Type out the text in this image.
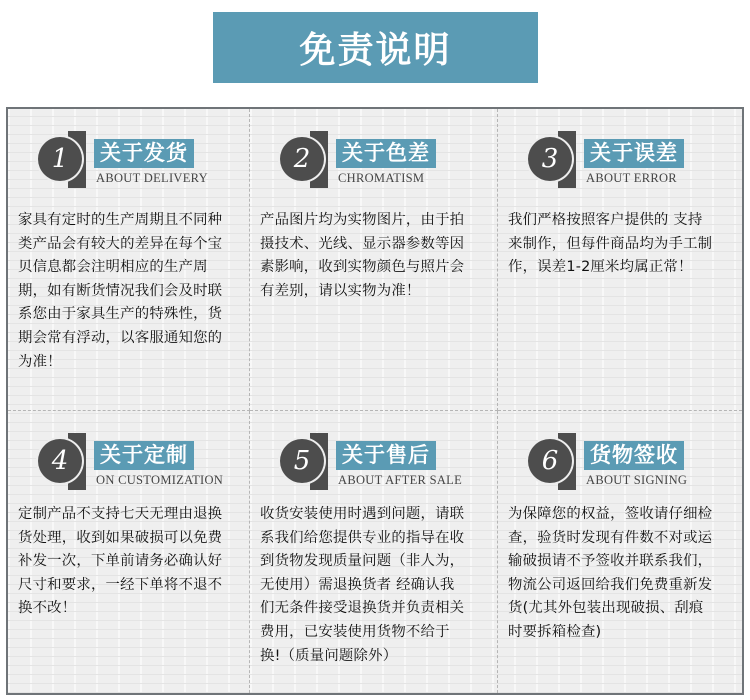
免责说明
1	关于发货
ABOUT DELIVERY
家具有定时的生产周期且不同种类产品会有较大的差异在每个宝贝信息都会注明相应的生产周期，如有断货情况我们会及时联系您由于家具生产的特殊性，货期会常有浮动，以客服通知您的为准！
2	关于色差
CHROMATISM
产品图片均为实物图片，由于拍摄技术、光线、显示器参数等因素影响，收到实物颜色与照片会有差别，请以实物为准！
3	关于误差
ABOUT ERROR
我们严格按照客户提供的 支持来制作，但每件商品均为手工制作，误差1-2厘米均属正常！
4	关于定制
ON CUSTOMIZATION
定制产品不支持七天无理由退换货处理，收到如果破损可以免费补发一次，下单前请务必确认好尺寸和要求，一经下单将不退不换不改！
5	关于售后
ABOUT AFTER SALE
收货安装使用时遇到问题，请联系我们给您提供专业的指导在收到货物发现质量问题（非人为，无使用）需退换货者 经确认我们无条件接受退换货并负责相关费用，已安装使用货物不给于换!（质量问题除外）
6	货物签收
ABOUT SIGNING
为保障您的权益，签收请仔细检查，验货时发现有件数不对或运输破损请不予签收并联系我们，物流公司返回给我们免费重新发货(尤其外包装出现破损、刮痕时要拆箱检查)
